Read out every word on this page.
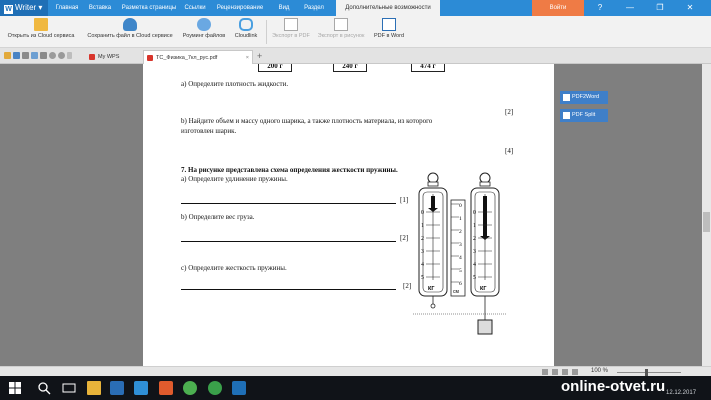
W Writer ▾	Главная	Вставка	Разметка страницы	Ссылки	Рецензирование	Вид	Раздел	Дополнительные возможности	Войти	?	—	❐	✕
Открыть из Cloud сервиса	Сохранить файл в Cloud сервисе	Роуминг файлов	Cloudlink	Экспорт в PDF	Экспорт в рисунок	PDF в Word
My WPS	ТС_Физика_7кл_рус.pdf	× +
200 г	240 г	474 г
a) Определите плотность жидкости.
[2]
b) Найдите объем и массу одного шарика, а также плотность материала, из которого
изготовлен шарик.
[4]
7. На рисунке представлена схема определения жесткости пружины.
а) Определите удлинение пружины.
[1]
b) Определите вес груза.
[2]
с) Определите жесткость пружины.
[2]
0
1
2
3
4
5
КГ
0
1
2
3
4
5
6
см
0
1
2
3
4
5
КГ
PDF2Word
PDF Split
100 %
online-otvet.ru 12.12.2017
